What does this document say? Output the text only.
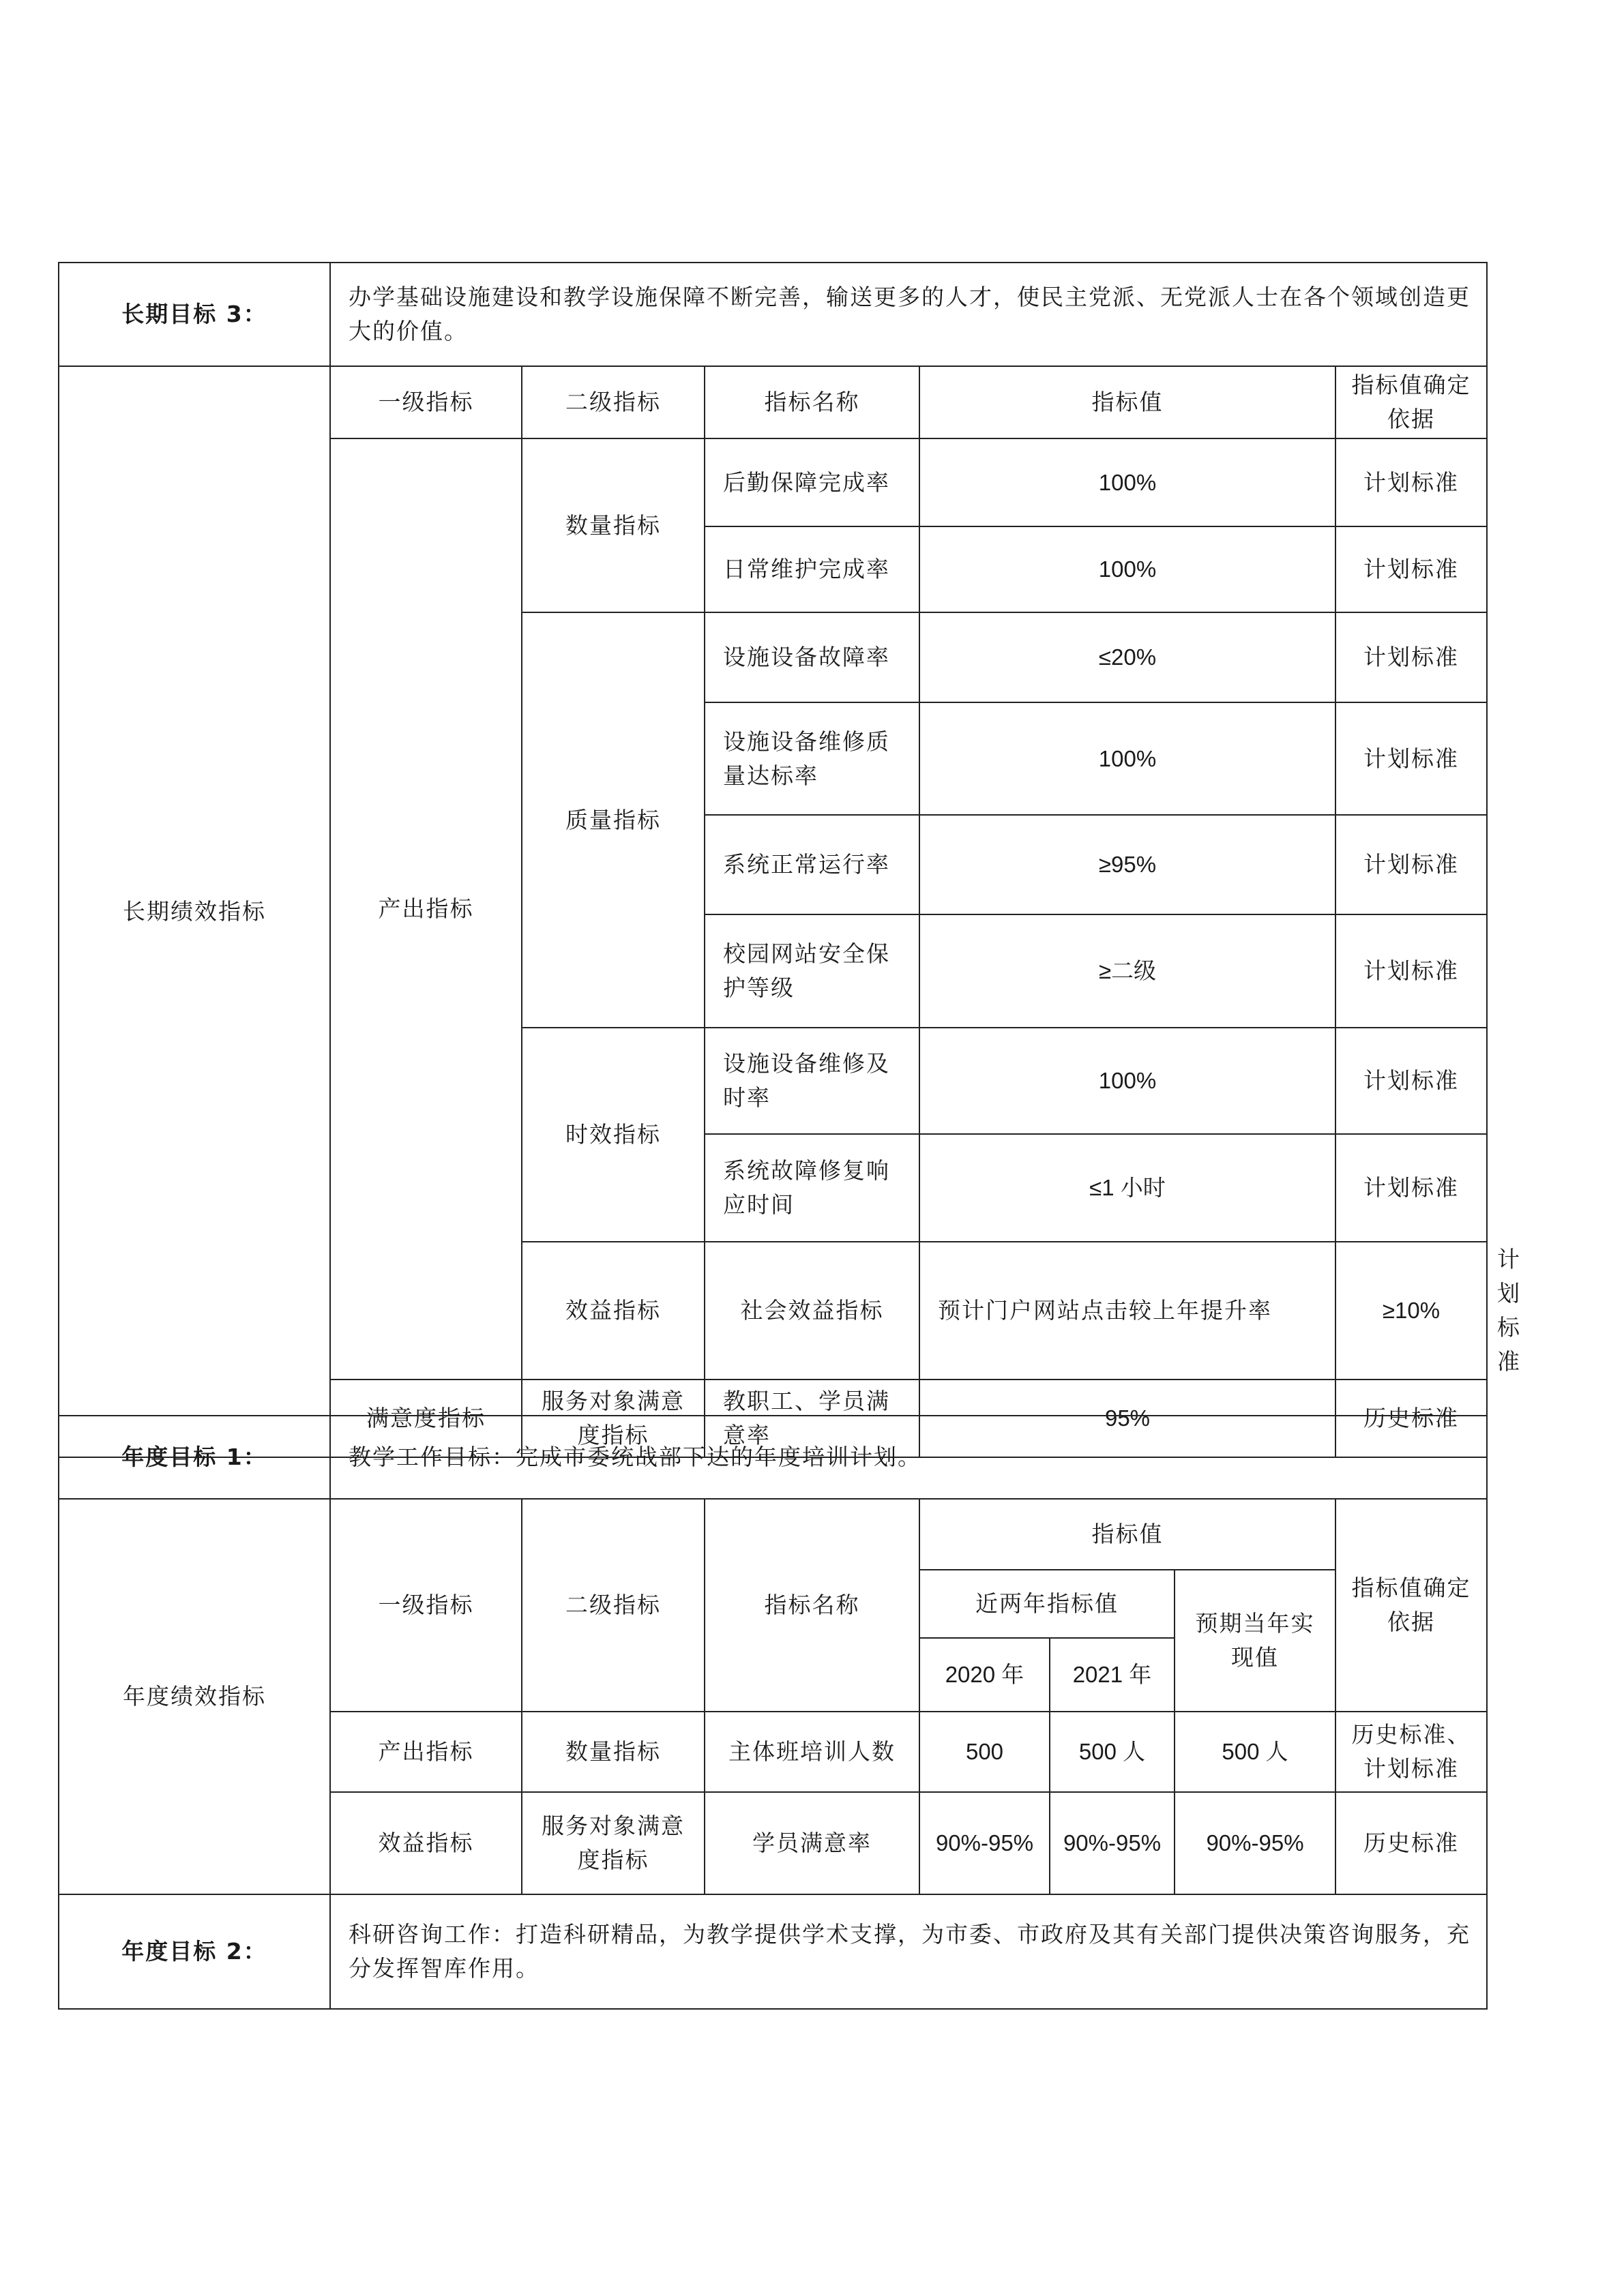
长期目标 3：	办学基础设施建设和教学设施保障不断完善，输送更多的人才，使民主党派、无党派人士在各个领域创造更大的价值。					
长期绩效指标	一级指标	二级指标	指标名称	指标值	指标值确定依据	
	产出指标	数量指标	后勤保障完成率	100%	计划标准	
			日常维护完成率	100%	计划标准	
		质量指标	设施设备故障率	≤20%	计划标准	
			设施设备维修质量达标率	100%	计划标准	
			系统正常运行率	≥95%	计划标准	
			校园网站安全保护等级	≥二级	计划标准	
		时效指标	设施设备维修及时率	100%	计划标准	
			系统故障修复响应时间	≤1 小时	计划标准	
		效益指标	社会效益指标	预计门户网站点击较上年提升率	≥10%	计划标准
	满意度指标	服务对象满意度指标	教职工、学员满意率	95%	历史标准	
年度目标 1：	教学工作目标：完成市委统战部下达的年度培训计划。						
年度绩效指标	一级指标	二级指标	指标名称	指标值			指标值确定依据
				近两年指标值		预期当年实现值	
				2020 年	2021 年		
	产出指标	数量指标	主体班培训人数	500	500 人	500 人	历史标准、计划标准
	效益指标	服务对象满意度指标	学员满意率	90%-95%	90%-95%	90%-95%	历史标准
年度目标 2：	科研咨询工作：打造科研精品，为教学提供学术支撑，为市委、市政府及其有关部门提供决策咨询服务，充分发挥智库作用。						
